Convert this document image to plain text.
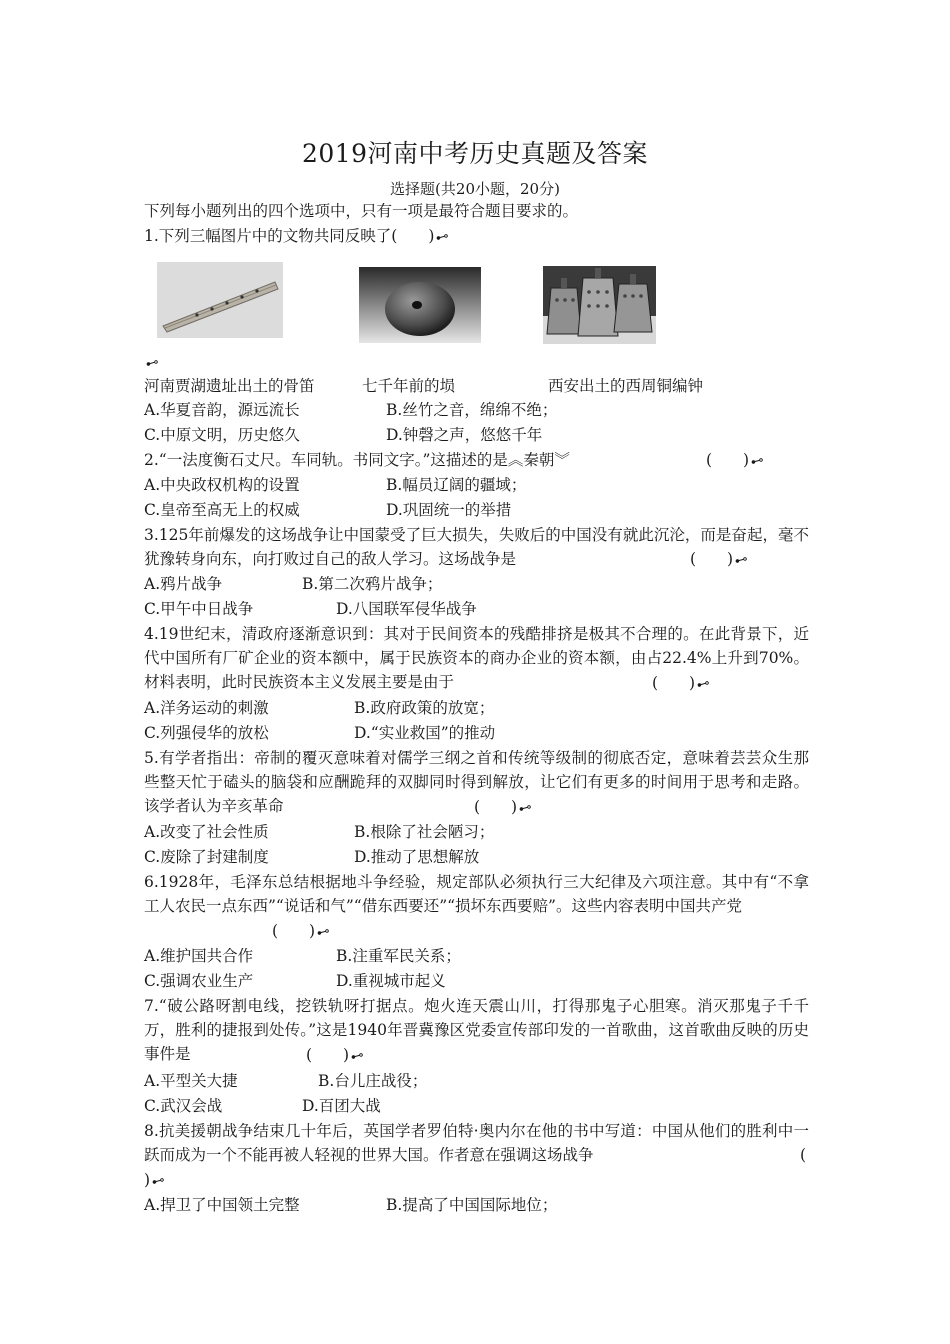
2019河南中考历史真题及答案
选择题(共20小题，20分)
下列每小题列出的四个选项中，只有一项是最符合题目要求的。
1.下列三幅图片中的文物共同反映了(　　)⊷
⊷
河南贾湖遗址出土的骨笛	七千年前的埙	西安出土的西周铜编钟
A.华夏音韵，源远流长	B.丝竹之音，绵绵不绝；
C.中原文明，历史悠久	D.钟磬之声，悠悠千年
2.“一法度衡石丈尺。车同轨。书同文字。”这描述的是︽秦朝︾	(　　)⊷
A.中央政权机构的设置	B.幅员辽阔的疆域；
C.皇帝至高无上的权威	D.巩固统一的举措
3.125年前爆发的这场战争让中国蒙受了巨大损失，失败后的中国没有就此沉沦，而是奋起，毫不犹豫转身向东，向打败过自己的敌人学习。这场战争是	(　　)⊷
A.鸦片战争	B.第二次鸦片战争；
C.甲午中日战争	D.八国联军侵华战争
4.19世纪末，清政府逐渐意识到：其对于民间资本的残酷排挤是极其不合理的。在此背景下，近代中国所有厂矿企业的资本额中，属于民族资本的商办企业的资本额，由占22.4%上升到70%。材料表明，此时民族资本主义发展主要是由于	(　　)⊷
A.洋务运动的刺激	B.政府政策的放宽；
C.列强侵华的放松	D.“实业救国”的推动
5.有学者指出：帝制的覆灭意味着对儒学三纲之首和传统等级制的彻底否定，意味着芸芸众生那些整天忙于磕头的脑袋和应酬跪拜的双脚同时得到解放，让它们有更多的时间用于思考和走路。该学者认为辛亥革命	(　　)⊷
A.改变了社会性质	B.根除了社会陋习；
C.废除了封建制度	D.推动了思想解放
6.1928年，毛泽东总结根据地斗争经验，规定部队必须执行三大纪律及六项注意。其中有“不拿工人农民一点东西”“说话和气”“借东西要还”“损坏东西要赔”。这些内容表明中国共产党
(　　)⊷
A.维护国共合作	B.注重军民关系；
C.强调农业生产	D.重视城市起义
7.“破公路呀割电线，挖铁轨呀打据点。炮火连天震山川，打得那鬼子心胆寒。消灭那鬼子千千万，胜利的捷报到处传。”这是1940年晋冀豫区党委宣传部印发的一首歌曲，这首歌曲反映的历史事件是	(　　)⊷
A.平型关大捷	B.台儿庄战役；
C.武汉会战	D.百团大战
8.抗美援朝战争结束几十年后，英国学者罗伯特·奥内尔在他的书中写道：中国从他们的胜利中一跃而成为一个不能再被人轻视的世界大国。作者意在强调这场战争	(
)⊷
A.捍卫了中国领土完整	B.提高了中国国际地位；
